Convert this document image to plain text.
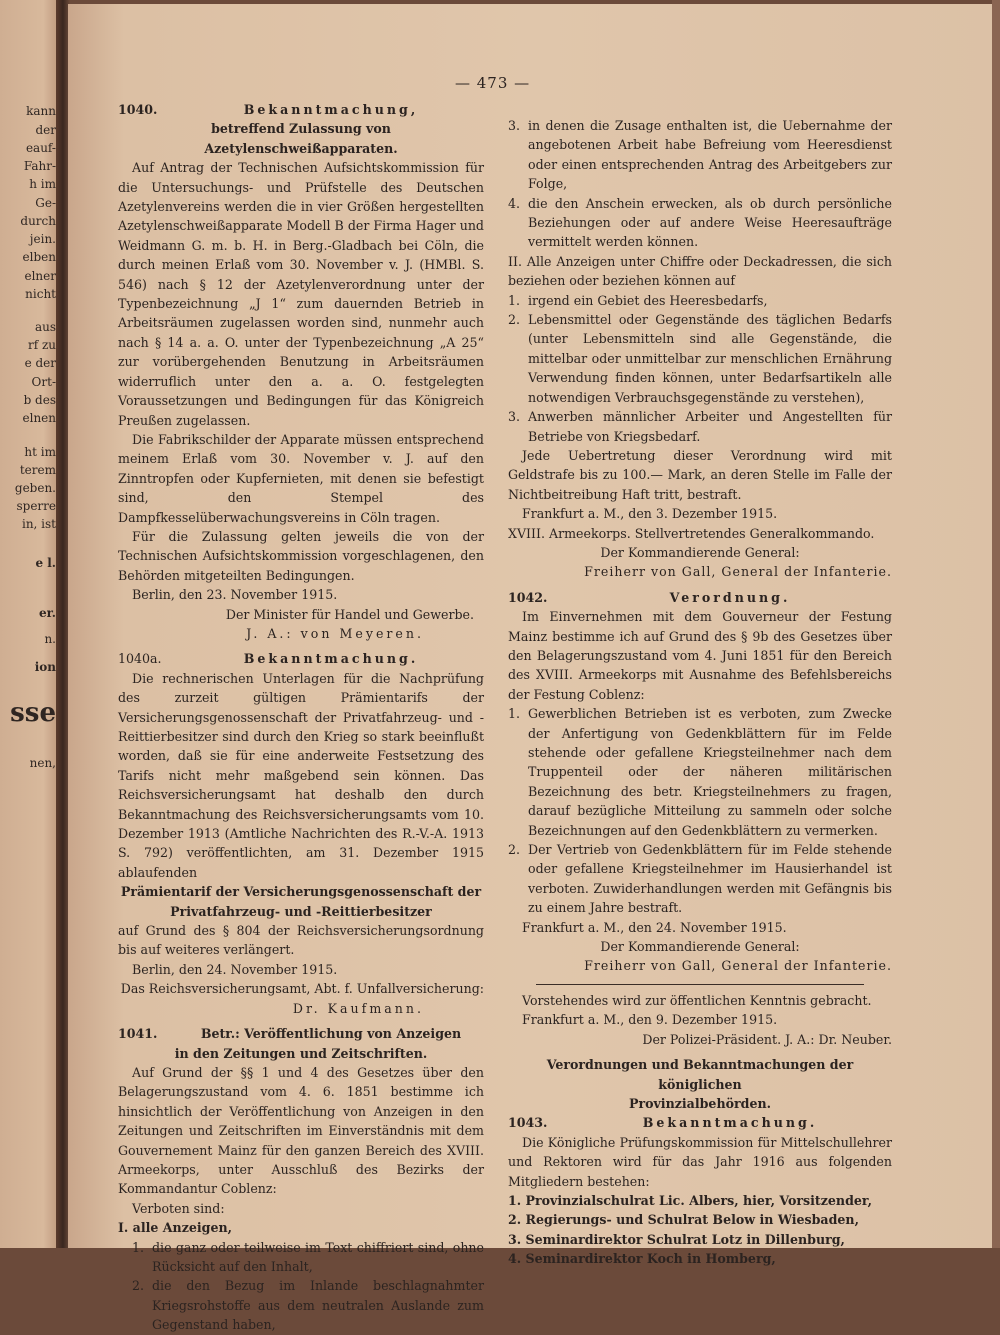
kann
der
eauf-
Fahr-
h im
Ge-
durch
jein.
elben
elner
nicht
aus
rf zu
e der
Ort-
b des
elnen
ht im
terem
geben.
sperre
in, ist
e l.
er.
n.
ion
sse
nen,
— 473 —
1040.	Bekanntmachung,
betreffend Zulassung von Azetylenschweißapparaten.

Auf Antrag der Technischen Aufsichtskommission für die Untersuchungs- und Prüfstelle des Deutschen Azetylenvereins werden die in vier Größen hergestellten Azetylenschweißapparate Modell B der Firma Hager und Weidmann G. m. b. H. in Berg.-Gladbach bei Cöln, die durch meinen Erlaß vom 30. November v. J. (HMBl. S. 546) nach § 12 der Azetylenverordnung unter der Typenbezeichnung „J 1“ zum dauernden Betrieb in Arbeitsräumen zugelassen worden sind, nunmehr auch nach § 14 a. a. O. unter der Typenbezeichnung „A 25“ zur vorübergehenden Benutzung in Arbeitsräumen widerruflich unter den a. a. O. festgelegten Voraussetzungen und Bedingungen für das Königreich Preußen zugelassen.

Die Fabrikschilder der Apparate müssen entsprechend meinem Erlaß vom 30. November v. J. auf den Zinntropfen oder Kupfernieten, mit denen sie befestigt sind, den Stempel des Dampfkesselüberwachungsvereins in Cöln tragen.

Für die Zulassung gelten jeweils die von der Technischen Aufsichtskommission vorgeschlagenen, den Behörden mitgeteilten Bedingungen.

Berlin, den 23. November 1915.
Der Minister für Handel und Gewerbe.
J. A.: von Meyeren.
1040a.	Bekanntmachung.

Die rechnerischen Unterlagen für die Nachprüfung des zurzeit gültigen Prämientarifs der Versicherungsgenossenschaft der Privatfahrzeug- und -Reittierbesitzer sind durch den Krieg so stark beeinflußt worden, daß sie für eine anderweite Festsetzung des Tarifs nicht mehr maßgebend sein können. Das Reichsversicherungsamt hat deshalb den durch Bekanntmachung des Reichsversicherungsamts vom 10. Dezember 1913 (Amtliche Nachrichten des R.-V.-A. 1913 S. 792) veröffentlichten, am 31. Dezember 1915 ablaufenden

Prämientarif der Versicherungsgenossenschaft der
Privatfahrzeug- und -Reittierbesitzer

auf Grund des § 804 der Reichsversicherungsordnung bis auf weiteres verlängert.

Berlin, den 24. November 1915.
Das Reichsversicherungsamt, Abt. f. Unfallversicherung:
Dr. Kaufmann.
1041.	Betr.: Veröffentlichung von Anzeigen
in den Zeitungen und Zeitschriften.

Auf Grund der §§ 1 und 4 des Gesetzes über den Belagerungszustand vom 4. 6. 1851 bestimme ich hinsichtlich der Veröffentlichung von Anzeigen in den Zeitungen und Zeitschriften im Einverständnis mit dem Gouvernement Mainz für den ganzen Bereich des XVIII. Armeekorps, unter Ausschluß des Bezirks der Kommandantur Coblenz:

Verboten sind:
I. alle Anzeigen,
1. die ganz oder teilweise im Text chiffriert sind, ohne Rücksicht auf den Inhalt,
2. die den Bezug im Inlande beschlagnahmter Kriegsrohstoffe aus dem neutralen Auslande zum Gegenstand haben,
3. in denen die Zusage enthalten ist, die Uebernahme der angebotenen Arbeit habe Befreiung vom Heeresdienst oder einen entsprechenden Antrag des Arbeitgebers zur Folge,
4. die den Anschein erwecken, als ob durch persönliche Beziehungen oder auf andere Weise Heeresaufträge vermittelt werden können.

II. Alle Anzeigen unter Chiffre oder Deckadressen, die sich beziehen oder beziehen können auf

1. irgend ein Gebiet des Heeresbedarfs,
2. Lebensmittel oder Gegenstände des täglichen Bedarfs (unter Lebensmitteln sind alle Gegenstände, die mittelbar oder unmittelbar zur menschlichen Ernährung Verwendung finden können, unter Bedarfsartikeln alle notwendigen Verbrauchsgegenstände zu verstehen),
3. Anwerben männlicher Arbeiter und Angestellten für Betriebe von Kriegsbedarf.

Jede Uebertretung dieser Verordnung wird mit Geldstrafe bis zu 100.— Mark, an deren Stelle im Falle der Nichtbeitreibung Haft tritt, bestraft.

Frankfurt a. M., den 3. Dezember 1915.
XVIII. Armeekorps. Stellvertretendes Generalkommando.
Der Kommandierende General:
Freiherr von Gall, General der Infanterie.
1042.	Verordnung.

Im Einvernehmen mit dem Gouverneur der Festung Mainz bestimme ich auf Grund des § 9b des Gesetzes über den Belagerungszustand vom 4. Juni 1851 für den Bereich des XVIII. Armeekorps mit Ausnahme des Befehlsbereichs der Festung Coblenz:

1. Gewerblichen Betrieben ist es verboten, zum Zwecke der Anfertigung von Gedenkblättern für im Felde stehende oder gefallene Kriegsteilnehmer nach dem Truppenteil oder der näheren militärischen Bezeichnung des betr. Kriegsteilnehmers zu fragen, darauf bezügliche Mitteilung zu sammeln oder solche Bezeichnungen auf den Gedenkblättern zu vermerken.
2. Der Vertrieb von Gedenkblättern für im Felde stehende oder gefallene Kriegsteilnehmer im Hausierhandel ist verboten. Zuwiderhandlungen werden mit Gefängnis bis zu einem Jahre bestraft.
Frankfurt a. M., den 24. November 1915.
Der Kommandierende General:
Freiherr von Gall, General der Infanterie.
Vorstehendes wird zur öffentlichen Kenntnis gebracht.
Frankfurt a. M., den 9. Dezember 1915.
Der Polizei-Präsident. J. A.: Dr. Neuber.
Verordnungen und Bekanntmachungen der königlichen
Provinzialbehörden.
1043.	Bekanntmachung.

Die Königliche Prüfungskommission für Mittelschullehrer und Rektoren wird für das Jahr 1916 aus folgenden Mitgliedern bestehen:

1. Provinzialschulrat Lic. Albers, hier, Vorsitzender,
2. Regierungs- und Schulrat Below in Wiesbaden,
3. Seminardirektor Schulrat Lotz in Dillenburg,
4. Seminardirektor Koch in Homberg,
